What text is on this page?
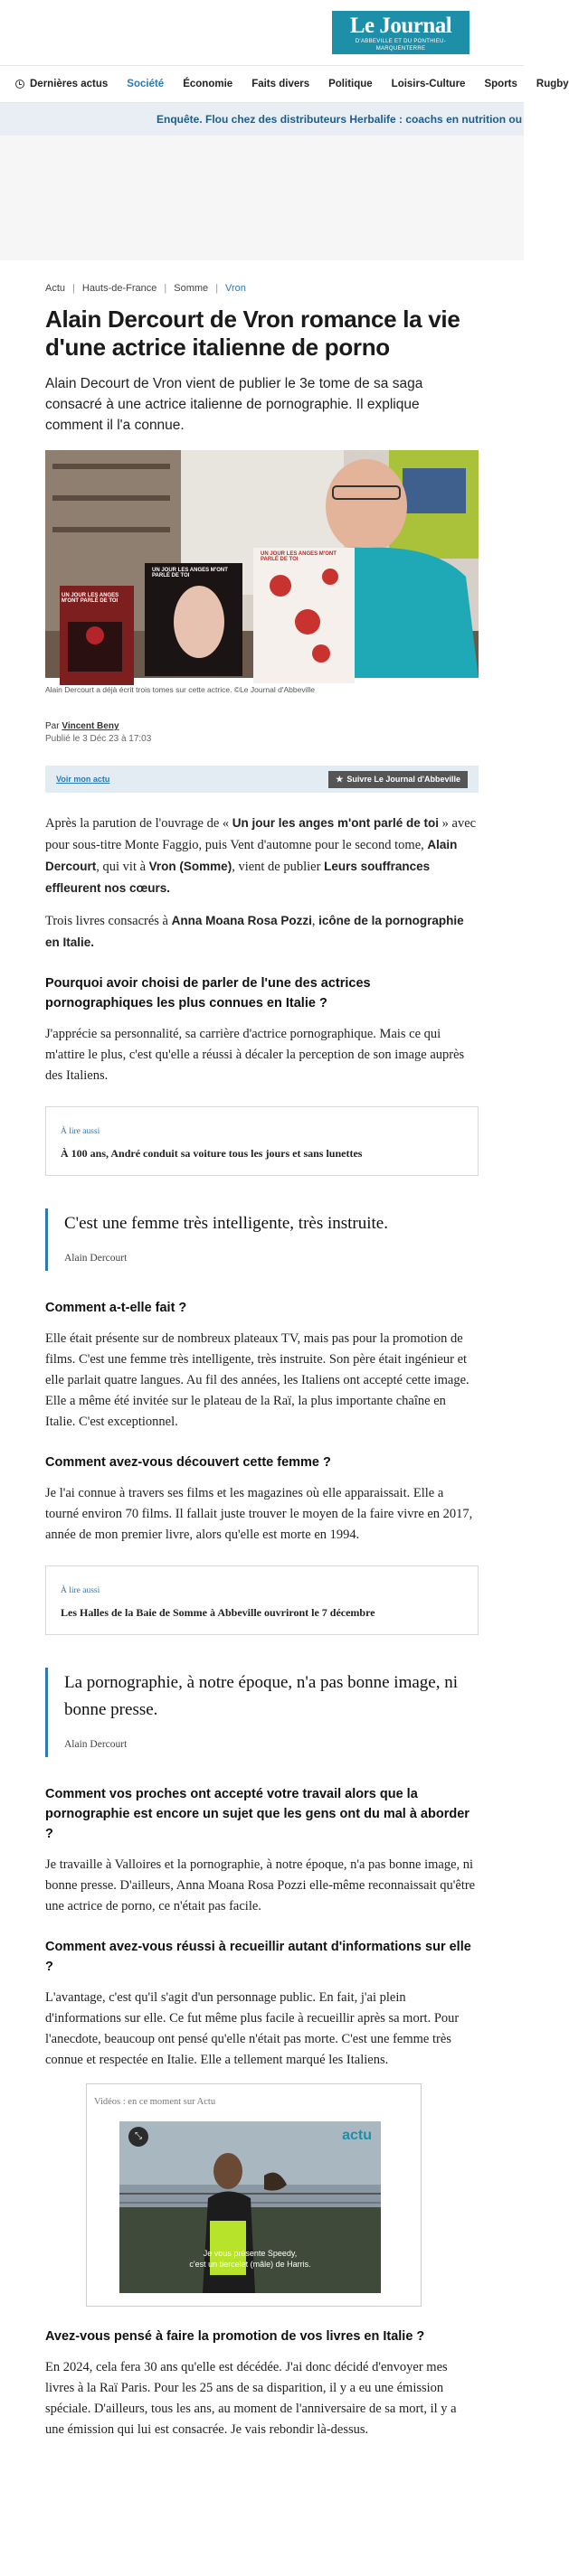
Le Journal
D'ABBEVILLE ET DU PONTHIEU-MARQUENTERRE
Dernières actus Société Économie Faits divers Politique Loisirs-Culture Sports Rugby
Enquête. Flou chez des distributeurs Herbalife : coachs en nutrition ou
Actu | Hauts-de-France | Somme | Vron
Alain Dercourt de Vron romance la vie d'une actrice italienne de porno
Alain Decourt de Vron vient de publier le 3e tome de sa saga consacré à une actrice italienne de pornographie. Il explique comment il l'a connue.
UN JOUR LES ANGES M'ONT PARLÉ DE TOI
UN JOUR LES ANGES M'ONT PARLÉ DE TOI
UN JOUR LES ANGES M'ONT PARLÉ DE TOI
Alain Dercourt a déjà écrit trois tomes sur cette actrice. ©Le Journal d'Abbeville
Par Vincent Beny
Publié le 3 Déc 23 à 17:03
Voir mon actu	★ Suivre Le Journal d'Abbeville

Après la parution de l'ouvrage de « Un jour les anges m'ont parlé de toi » avec pour sous-titre Monte Faggio, puis Vent d'automne pour le second tome, Alain Dercourt, qui vit à Vron (Somme), vient de publier Leurs souffrances effleurent nos cœurs.

Trois livres consacrés à Anna Moana Rosa Pozzi, icône de la pornographie en Italie.

Pourquoi avoir choisi de parler de l'une des actrices pornographiques les plus connues en Italie ?

J'apprécie sa personnalité, sa carrière d'actrice pornographique. Mais ce qui m'attire le plus, c'est qu'elle a réussi à décaler la perception de son image auprès des Italiens.

À lire aussi
À 100 ans, André conduit sa voiture tous les jours et sans lunettes
C'est une femme très intelligente, très instruite.
Alain Dercourt
Comment a-t-elle fait ?

Elle était présente sur de nombreux plateaux TV, mais pas pour la promotion de films. C'est une femme très intelligente, très instruite. Son père était ingénieur et elle parlait quatre langues. Au fil des années, les Italiens ont accepté cette image. Elle a même été invitée sur le plateau de la Raï, la plus importante chaîne en Italie. C'est exceptionnel.

Comment avez-vous découvert cette femme ?

Je l'ai connue à travers ses films et les magazines où elle apparaissait. Elle a tourné environ 70 films. Il fallait juste trouver le moyen de la faire vivre en 2017, année de mon premier livre, alors qu'elle est morte en 1994.

À lire aussi
Les Halles de la Baie de Somme à Abbeville ouvriront le 7 décembre
La pornographie, à notre époque, n'a pas bonne image, ni bonne presse.
Alain Dercourt
Comment vos proches ont accepté votre travail alors que la pornographie est encore un sujet que les gens ont du mal à aborder ?

Je travaille à Valloires et la pornographie, à notre époque, n'a pas bonne image, ni bonne presse. D'ailleurs, Anna Moana Rosa Pozzi elle-même reconnaissait qu'être une actrice de porno, ce n'était pas facile.

Comment avez-vous réussi à recueillir autant d'informations sur elle ?

L'avantage, c'est qu'il s'agit d'un personnage public. En fait, j'ai plein d'informations sur elle. Ce fut même plus facile à recueillir après sa mort. Pour l'anecdote, beaucoup ont pensé qu'elle n'était pas morte. C'est une femme très connue et respectée en Italie. Elle a tellement marqué les Italiens.

Vidéos : en ce moment sur Actu
⤡	actu
Je vous présente Speedy,
c'est un tiercelet (mâle) de Harris.
Avez-vous pensé à faire la promotion de vos livres en Italie ?

En 2024, cela fera 30 ans qu'elle est décédée. J'ai donc décidé d'envoyer mes livres à la Raï Paris. Pour les 25 ans de sa disparition, il y a eu une émission spéciale. D'ailleurs, tous les ans, au moment de l'anniversaire de sa mort, il y a une émission qui lui est consacrée. Je vais rebondir là-dessus.
